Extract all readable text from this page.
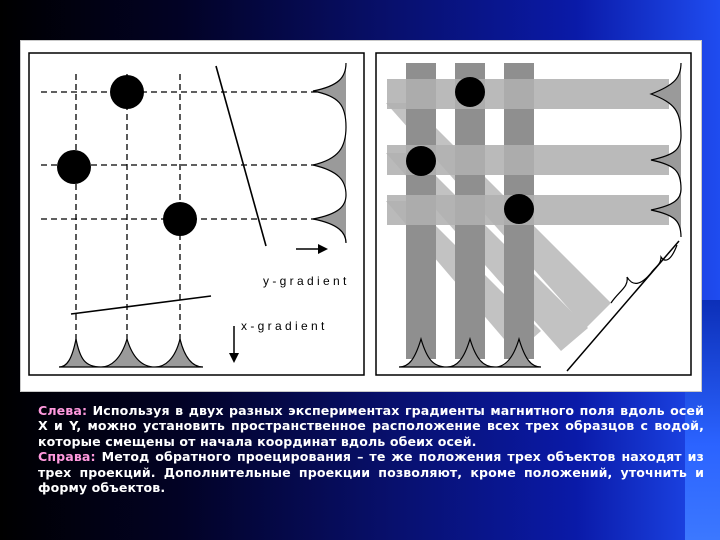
y - g r a d i e n t
x - g r a d i e n t

Слева: Используя в двух разных экспериментах градиенты магнитного поля вдоль осей X и Y, можно установить пространственное расположение всех трех образцов с водой, которые смещены от начала координат вдоль обеих осей.

Справа: Метод обратного проецирования – те же положения трех объектов находят из трех проекций. Дополнительные проекции позволяют, кроме положений, уточнить и форму объектов.
